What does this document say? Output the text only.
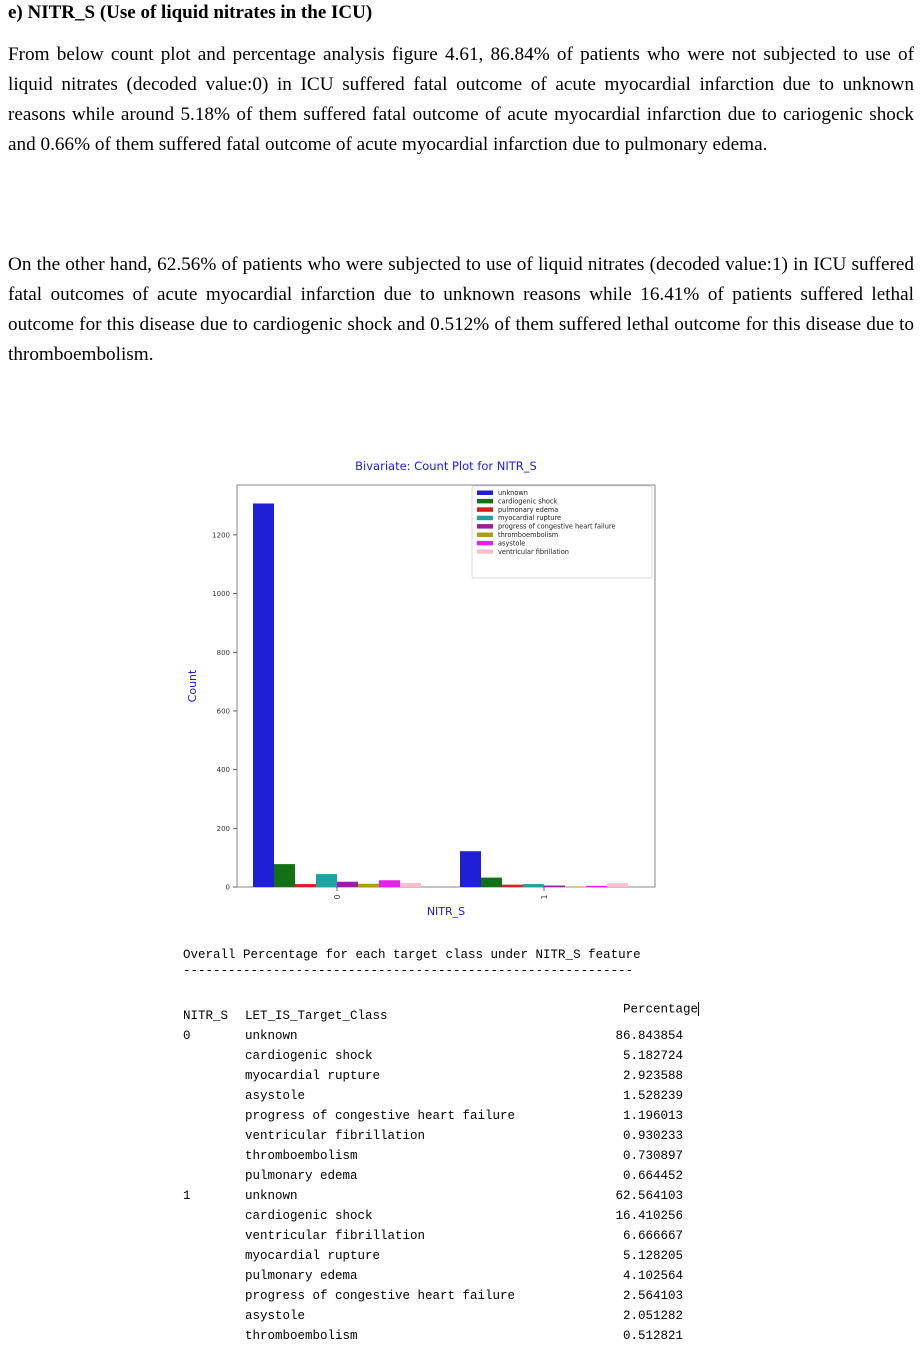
e) NITR_S (Use of liquid nitrates in the ICU)

From below count plot and percentage analysis figure 4.61, 86.84% of patients who were not subjected to use of liquid nitrates (decoded value:0) in ICU suffered fatal outcome of acute myocardial infarction due to unknown reasons while around 5.18% of them suffered fatal outcome of acute myocardial infarction due to cariogenic shock and 0.66% of them suffered fatal outcome of acute myocardial infarction due to pulmonary edema.

On the other hand, 62.56% of patients who were subjected to use of liquid nitrates (decoded value:1) in ICU suffered fatal outcomes of acute myocardial infarction due to unknown reasons while 16.41% of patients suffered lethal outcome for this disease due to cardiogenic shock and 0.512% of them suffered lethal outcome for this disease due to thromboembolism.

Bivariate: Count Plot for NITR_S
0
200
400
600
800
1000
1200
Count
0	1
NITR_S
unknown
cardiogenic shock
pulmonary edema
myocardial rupture
progress of congestive heart failure
thromboembolism
asystole
ventricular fibrillation
Overall Percentage for each target class under NITR_S feature
------------------------------------------------------------

Percentage

NITR_S LET_IS_Target_Class
0	unknown	86.843854
cardiogenic shock	5.182724
myocardial rupture	2.923588
asystole	1.528239
progress of congestive heart failure	1.196013
ventricular fibrillation	0.930233
thromboembolism	0.730897
pulmonary edema	0.664452
1	unknown	62.564103
cardiogenic shock	16.410256
ventricular fibrillation	6.666667
myocardial rupture	5.128205
pulmonary edema	4.102564
progress of congestive heart failure	2.564103
asystole	2.051282
thromboembolism	0.512821
